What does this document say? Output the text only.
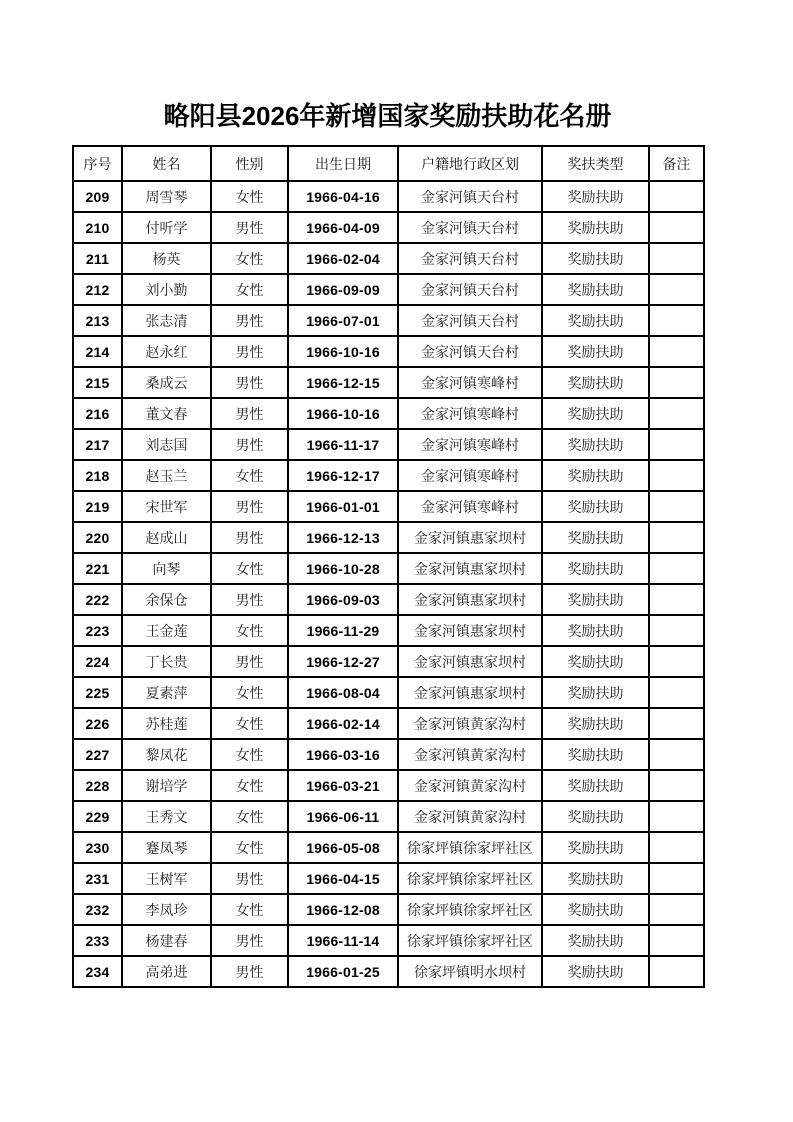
略阳县2026年新增国家奖励扶助花名册
序号	姓名	性别	出生日期	户籍地行政区划	奖扶类型	备注
209	周雪琴	女性	1966-04-16	金家河镇天台村	奖励扶助	
210	付听学	男性	1966-04-09	金家河镇天台村	奖励扶助	
211	杨英	女性	1966-02-04	金家河镇天台村	奖励扶助	
212	刘小勤	女性	1966-09-09	金家河镇天台村	奖励扶助	
213	张志清	男性	1966-07-01	金家河镇天台村	奖励扶助	
214	赵永红	男性	1966-10-16	金家河镇天台村	奖励扶助	
215	桑成云	男性	1966-12-15	金家河镇寒峰村	奖励扶助	
216	董文春	男性	1966-10-16	金家河镇寒峰村	奖励扶助	
217	刘志国	男性	1966-11-17	金家河镇寒峰村	奖励扶助	
218	赵玉兰	女性	1966-12-17	金家河镇寒峰村	奖励扶助	
219	宋世军	男性	1966-01-01	金家河镇寒峰村	奖励扶助	
220	赵成山	男性	1966-12-13	金家河镇惠家坝村	奖励扶助	
221	向琴	女性	1966-10-28	金家河镇惠家坝村	奖励扶助	
222	余保仓	男性	1966-09-03	金家河镇惠家坝村	奖励扶助	
223	王金莲	女性	1966-11-29	金家河镇惠家坝村	奖励扶助	
224	丁长贵	男性	1966-12-27	金家河镇惠家坝村	奖励扶助	
225	夏素萍	女性	1966-08-04	金家河镇惠家坝村	奖励扶助	
226	苏桂莲	女性	1966-02-14	金家河镇黄家沟村	奖励扶助	
227	黎凤花	女性	1966-03-16	金家河镇黄家沟村	奖励扶助	
228	谢培学	女性	1966-03-21	金家河镇黄家沟村	奖励扶助	
229	王秀文	女性	1966-06-11	金家河镇黄家沟村	奖励扶助	
230	蹇凤琴	女性	1966-05-08	徐家坪镇徐家坪社区	奖励扶助	
231	王树军	男性	1966-04-15	徐家坪镇徐家坪社区	奖励扶助	
232	李凤珍	女性	1966-12-08	徐家坪镇徐家坪社区	奖励扶助	
233	杨建春	男性	1966-11-14	徐家坪镇徐家坪社区	奖励扶助	
234	高弟进	男性	1966-01-25	徐家坪镇明水坝村	奖励扶助	
